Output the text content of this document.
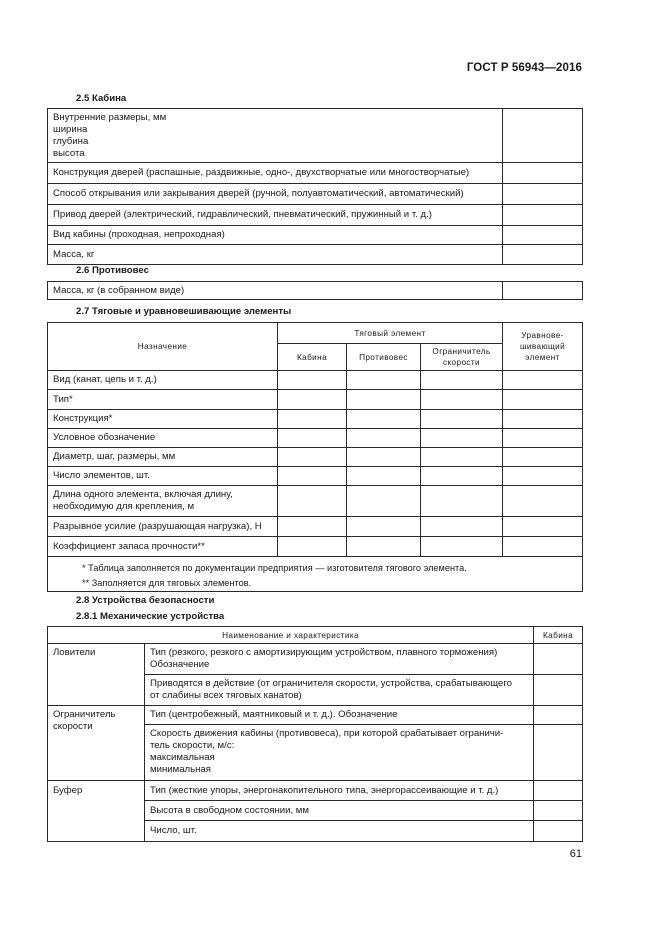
ГОСТ Р 56943—2016
2.5 Кабина
Внутренние размеры, мм
ширина
глубина
высота	

Конструкция дверей (распашные, раздвижные, одно-, двухстворчатые или многостворчатые)	
Способ открывания или закрывания дверей (ручной, полуавтоматический, автоматический)	
Привод дверей (электрический, гидравлический, пневматический, пружинный и т. д.)	
Вид кабины (проходная, непроходная)	
Масса, кг	
2.6 Противовес
Масса, кг (в собранном виде)	
2.7 Тяговые и уравновешивающие элементы
Назначение	Тяговый элемент			Уравнове-
шивающий
элемент

	Кабина	Противовес	Ограничитель
скорости	

Вид (канат, цепь и т. д.)				
Тип*				
Конструкция*				
Условное обозначение				
Диаметр, шаг, размеры, мм				
Число элементов, шт.				

Длина одного элемента, включая длину,
необходимую для крепления, м				

Разрывное усилие (разрушающая нагрузка), Н				
Коэффициент запаса прочности**				

* Таблица заполняется по документации предприятия — изготовителя тягового элемента.
** Заполняется для тяговых элементов.				
2.8 Устройства безопасности
2.8.1 Механические устройства
Наименование и характеристика		Кабина
Ловители	Тип (резкого, резкого с амортизирующим устройством, плавного торможения)
Обозначение	

	Приводятся в действие (от ограничителя скорости, устройства, срабатывающего
от слабины всех тяговых канатов)	

Ограничитель
скорости	Тип (центробежный, маятниковый и т. д.). Обозначение	

	Скорость движения кабины (противовеса), при которой срабатывает ограничи-
тель скорости, м/с:
максимальная
минимальная	

Буфер	Тип (жесткие упоры, энергонакопительного типа, энергорассеивающие и т. д.)	
	Высота в свободном состоянии, мм	
	Число, шт.	
61
